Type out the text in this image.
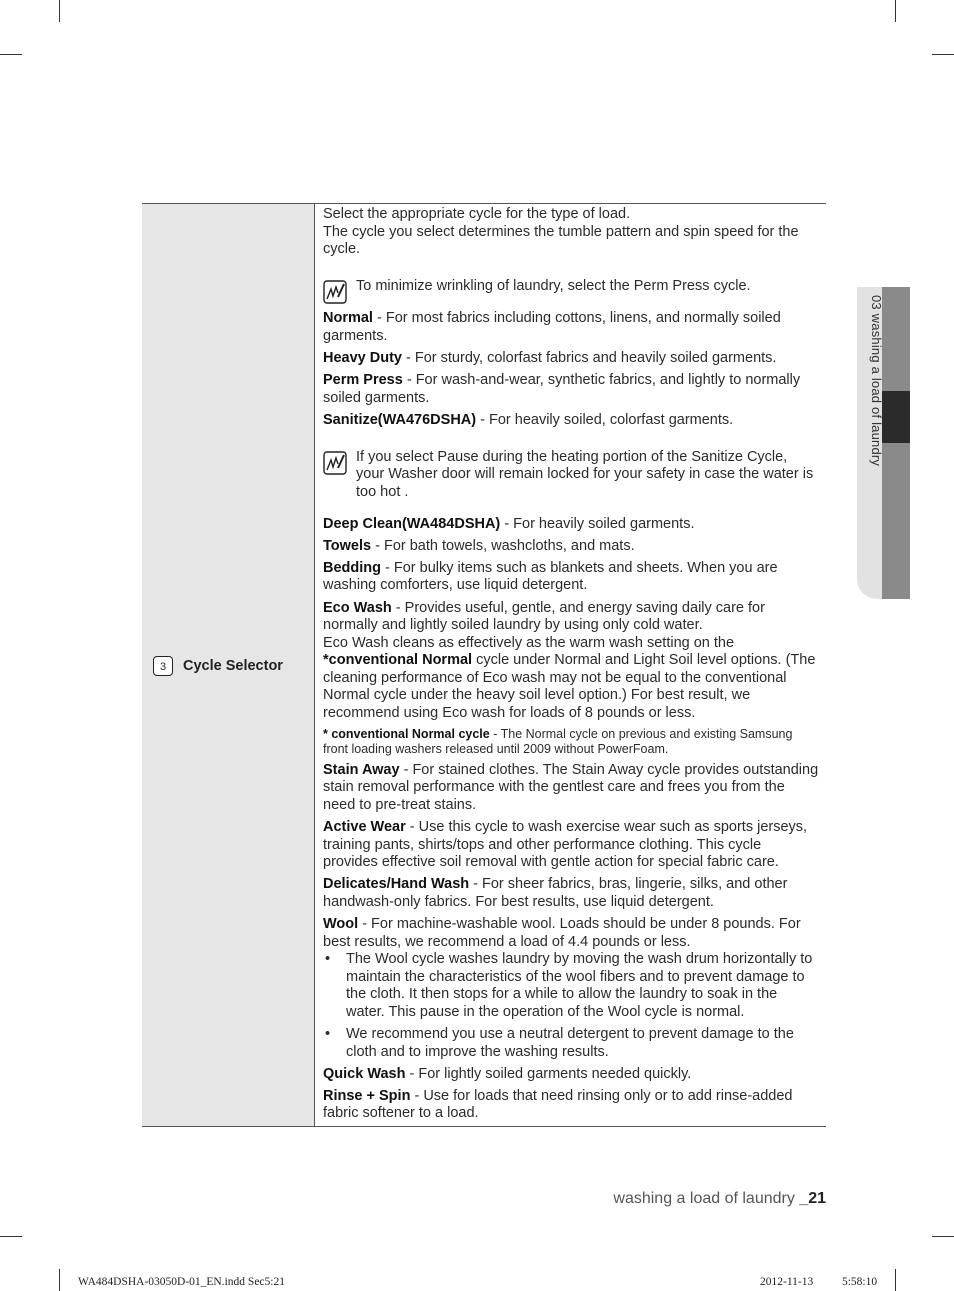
03 washing a load of laundry
3	Cycle Selector

Select the appropriate cycle for the type of load.
The cycle you select determines the tumble pattern and spin speed for the cycle.

To minimize wrinkling of laundry, select the Perm Press cycle.

Normal - For most fabrics including cottons, linens, and normally soiled garments.

Heavy Duty - For sturdy, colorfast fabrics and heavily soiled garments.

Perm Press - For wash-and-wear, synthetic fabrics, and lightly to normally soiled garments.

Sanitize(WA476DSHA) - For heavily soiled, colorfast garments.

If you select Pause during the heating portion of the Sanitize Cycle, your Washer door will remain locked for your safety in case the water is too hot .

Deep Clean(WA484DSHA) - For heavily soiled garments.

Towels - For bath towels, washcloths, and mats.

Bedding - For bulky items such as blankets and sheets. When you are washing comforters, use liquid detergent.

Eco Wash - Provides useful, gentle, and energy saving daily care for normally and lightly soiled laundry by using only cold water.
Eco Wash cleans as effectively as the warm wash setting on the *conventional Normal cycle under Normal and Light Soil level options. (The cleaning performance of Eco wash may not be equal to the conventional Normal cycle under the heavy soil level option.) For best result, we recommend using Eco wash for loads of 8 pounds or less.

* conventional Normal cycle - The Normal cycle on previous and existing Samsung front loading washers released until 2009 without PowerFoam.

Stain Away - For stained clothes. The Stain Away cycle provides outstanding stain removal performance with the gentlest care and frees you from the need to pre-treat stains.

Active Wear - Use this cycle to wash exercise wear such as sports jerseys, training pants, shirts/tops and other performance clothing. This cycle provides effective soil removal with gentle action for special fabric care.

Delicates/Hand Wash - For sheer fabrics, bras, lingerie, silks, and other handwash-only fabrics. For best results, use liquid detergent.

Wool - For machine-washable wool. Loads should be under 8 pounds. For best results, we recommend a load of 4.4 pounds or less.

• The Wool cycle washes laundry by moving the wash drum horizontally to maintain the characteristics of the wool fibers and to prevent damage to the cloth. It then stops for a while to allow the laundry to soak in the water. This pause in the operation of the Wool cycle is normal.
• We recommend you use a neutral detergent to prevent damage to the cloth and to improve the washing results.

Quick Wash - For lightly soiled garments needed quickly.

Rinse + Spin - Use for loads that need rinsing only or to add rinse-added fabric softener to a load.

washing a load of laundry _21
WA484DSHA-03050D-01_EN.indd Sec5:21	2012-11-13	5:58:10
